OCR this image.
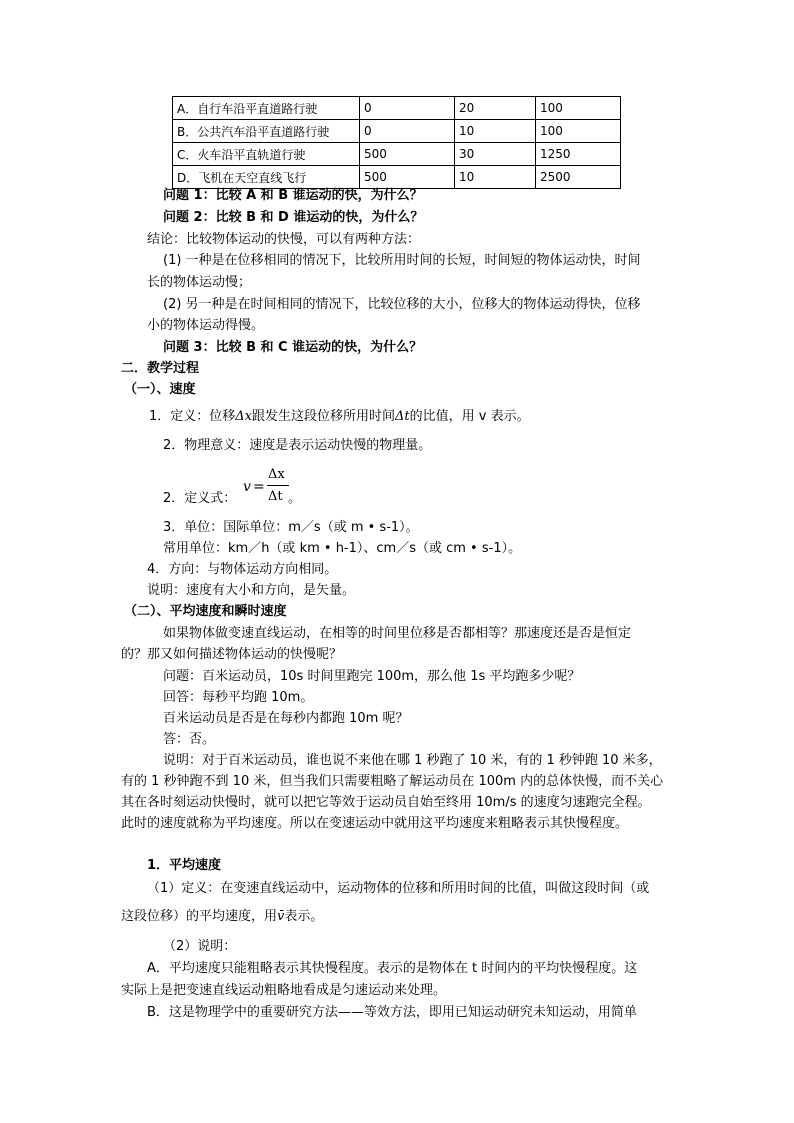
A．自行车沿平直道路行驶	0	20	100
B．公共汽车沿平直道路行驶	0	10	100
C．火车沿平直轨道行驶	500	30	1250
D．飞机在天空直线飞行	500	10	2500
问题 1：比较 A 和 B 谁运动的快，为什么？
问题 2：比较 B 和 D 谁运动的快，为什么？
结论：比较物体运动的快慢，可以有两种方法：
(1) 一种是在位移相同的情况下，比较所用时间的长短，时间短的物体运动快，时间
长的物体运动慢；
(2) 另一种是在时间相同的情况下，比较位移的大小，位移大的物体运动得快，位移
小的物体运动得慢。
问题 3：比较 B 和 C 谁运动的快，为什么？
二．教学过程
（一）、速度
1．定义：位移Δx跟发生这段位移所用时间Δt的比值，用 v 表示。
2．物理意义：速度是表示运动快慢的物理量。
2．定义式：
v =
Δx
Δt 。
3．单位：国际单位：m／s（或 m • s-1）。
常用单位：km／h（或 km • h-1）、cm／s（或 cm • s-1）。
4．方向：与物体运动方向相同。
说明：速度有大小和方向，是矢量。
（二）、平均速度和瞬时速度
如果物体做变速直线运动，在相等的时间里位移是否都相等？那速度还是否是恒定
的？那又如何描述物体运动的快慢呢？
问题：百米运动员，10s 时间里跑完 100m，那么他 1s 平均跑多少呢？
回答：每秒平均跑 10m。
百米运动员是否是在每秒内都跑 10m 呢？
答：否。
说明：对于百米运动员，谁也说不来他在哪 1 秒跑了 10 米，有的 1 秒钟跑 10 米多，
有的 1 秒钟跑不到 10 米，但当我们只需要粗略了解运动员在 100m 内的总体快慢，而不关心
其在各时刻运动快慢时，就可以把它等效于运动员自始至终用 10m/s 的速度匀速跑完全程。
此时的速度就称为平均速度。所以在变速运动中就用这平均速度来粗略表示其快慢程度。
1．平均速度
（1）定义：在变速直线运动中，运动物体的位移和所用时间的比值，叫做这段时间（或
这段位移）的平均速度，用v̄表示。
（2）说明：
A．平均速度只能粗略表示其快慢程度。表示的是物体在 t 时间内的平均快慢程度。这
实际上是把变速直线运动粗略地看成是匀速运动来处理。
B．这是物理学中的重要研究方法——等效方法，即用已知运动研究未知运动，用简单
